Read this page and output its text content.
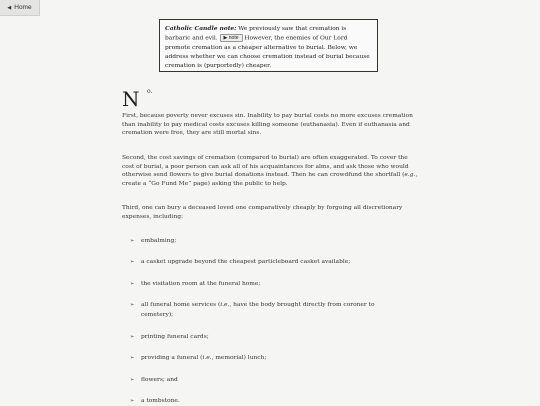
◀ Home
Catholic Candle note: We previously saw that cremation is barbaric and evil. ▶ note However, the enemies of Our Lord promote cremation as a cheaper alternative to burial. Below, we address whether we can choose cremation instead of burial because cremation is (purportedly) cheaper.
N o.

First, because poverty never excuses sin. Inability to pay burial costs no more excuses cremation than inability to pay medical costs excuses killing someone (euthanasia). Even if euthanasia and cremation were free, they are still mortal sins.

Second, the cost savings of cremation (compared to burial) are often exaggerated. To cover the cost of burial, a poor person can ask all of his acquaintances for alms, and ask those who would otherwise send flowers to give burial donations instead. Then he can crowdfund the shortfall (e.g., create a “Go Fund Me” page) asking the public to help.

Third, one can bury a deceased loved one comparatively cheaply by forgoing all discretionary expenses, including:

➢ embalming;
➢ a casket upgrade beyond the cheapest particleboard casket available;
➢ the visitation room at the funeral home;
➢ all funeral home services (i.e., have the body brought directly from coroner to cemetery);
➢ printing funeral cards;
➢ providing a funeral (i.e., memorial) lunch;
➢ flowers; and
➢ a tombstone.
